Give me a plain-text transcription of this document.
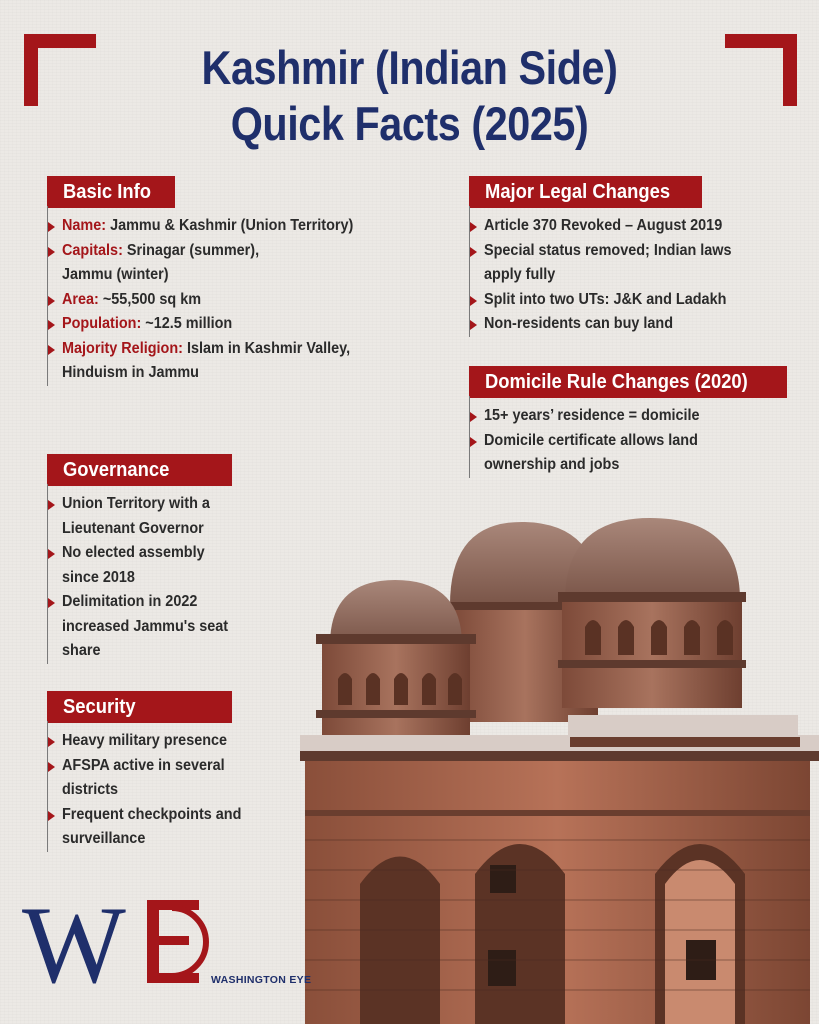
Kashmir (Indian Side)
Quick Facts (2025)
Basic Info
Name: Jammu & Kashmir (Union Territory)
Capitals: Srinagar (summer), Jammu (winter)
Area: ~55,500 sq km
Population: ~12.5 million
Majority Religion: Islam in Kashmir Valley, Hinduism in Jammu
Governance
Union Territory with a Lieutenant Governor
No elected assembly since 2018
Delimitation in 2022 increased Jammu's seat share
Security
Heavy military presence
AFSPA active in several districts
Frequent checkpoints and surveillance
Major Legal Changes
Article 370 Revoked – August 2019
Special status removed; Indian laws apply fully
Split into two UTs: J&K and Ladakh
Non-residents can buy land
Domicile Rule Changes (2020)
15+ years’ residence = domicile
Domicile certificate allows land ownership and jobs
W	WASHINGTON EYE
